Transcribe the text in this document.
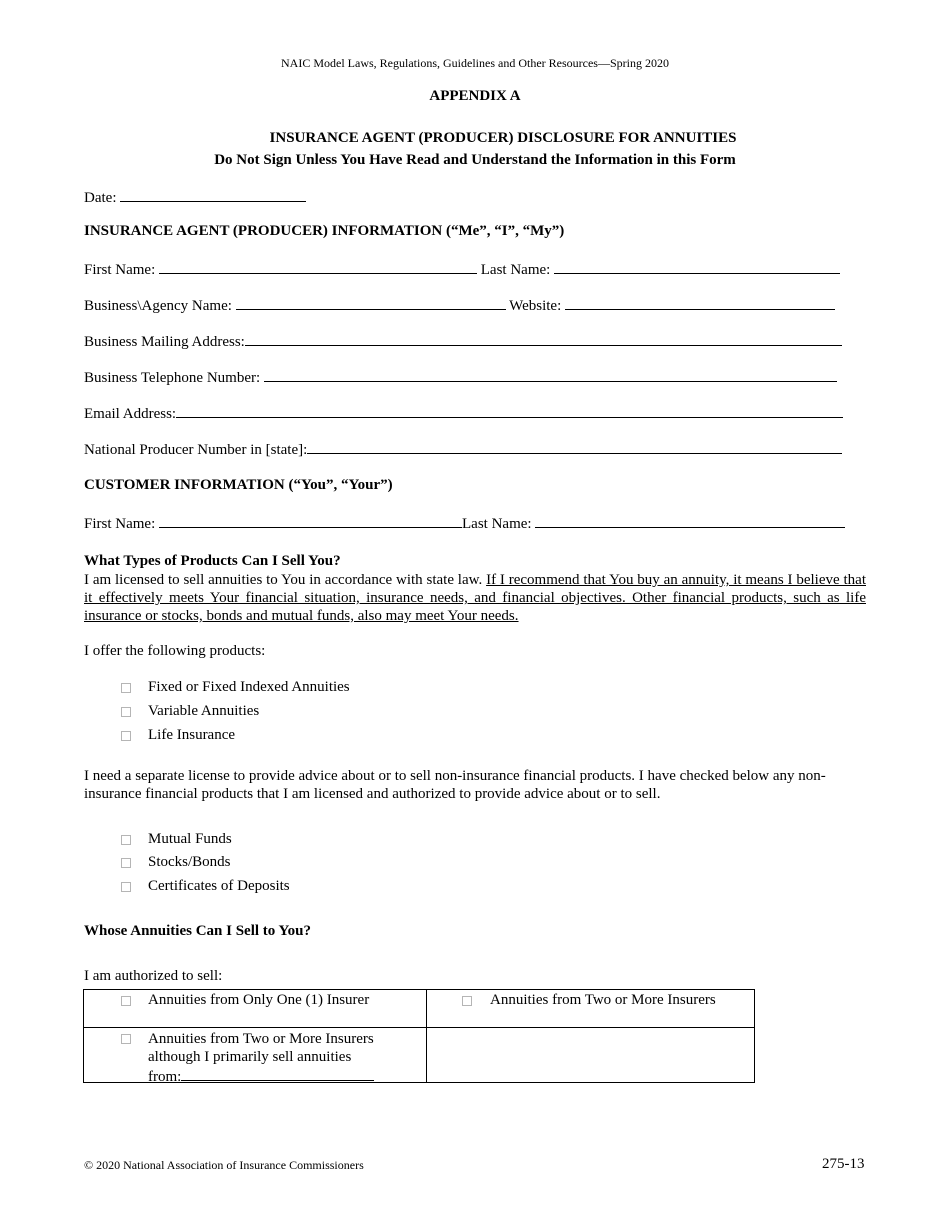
NAIC Model Laws, Regulations, Guidelines and Other Resources—Spring 2020
APPENDIX A
INSURANCE AGENT (PRODUCER) DISCLOSURE FOR ANNUITIES
Do Not Sign Unless You Have Read and Understand the Information in this Form
Date:
INSURANCE AGENT (PRODUCER) INFORMATION (“Me”, “I”, “My”)
First Name:	Last Name:
Business\Agency Name:	Website:
Business Mailing Address:
Business Telephone Number:
Email Address:
National Producer Number in [state]:
CUSTOMER INFORMATION (“You”, “Your”)
First Name:	Last Name:
What Types of Products Can I Sell You?
I am licensed to sell annuities to You in accordance with state law. If I recommend that You buy an annuity, it means I believe that it effectively meets Your financial situation, insurance needs, and financial objectives. Other financial products, such as life insurance or stocks, bonds and mutual funds, also may meet Your needs.
I offer the following products:
Fixed or Fixed Indexed Annuities
Variable Annuities
Life Insurance
I need a separate license to provide advice about or to sell non-insurance financial products. I have checked below any non-insurance financial products that I am licensed and authorized to provide advice about or to sell.
Mutual Funds
Stocks/Bonds
Certificates of Deposits
Whose Annuities Can I Sell to You?
I am authorized to sell:
Annuities from Only One (1) Insurer	Annuities from Two or More Insurers

Annuities from Two or More Insurers
although I primarily sell annuities
from:	

© 2020 National Association of Insurance Commissioners	275-13
